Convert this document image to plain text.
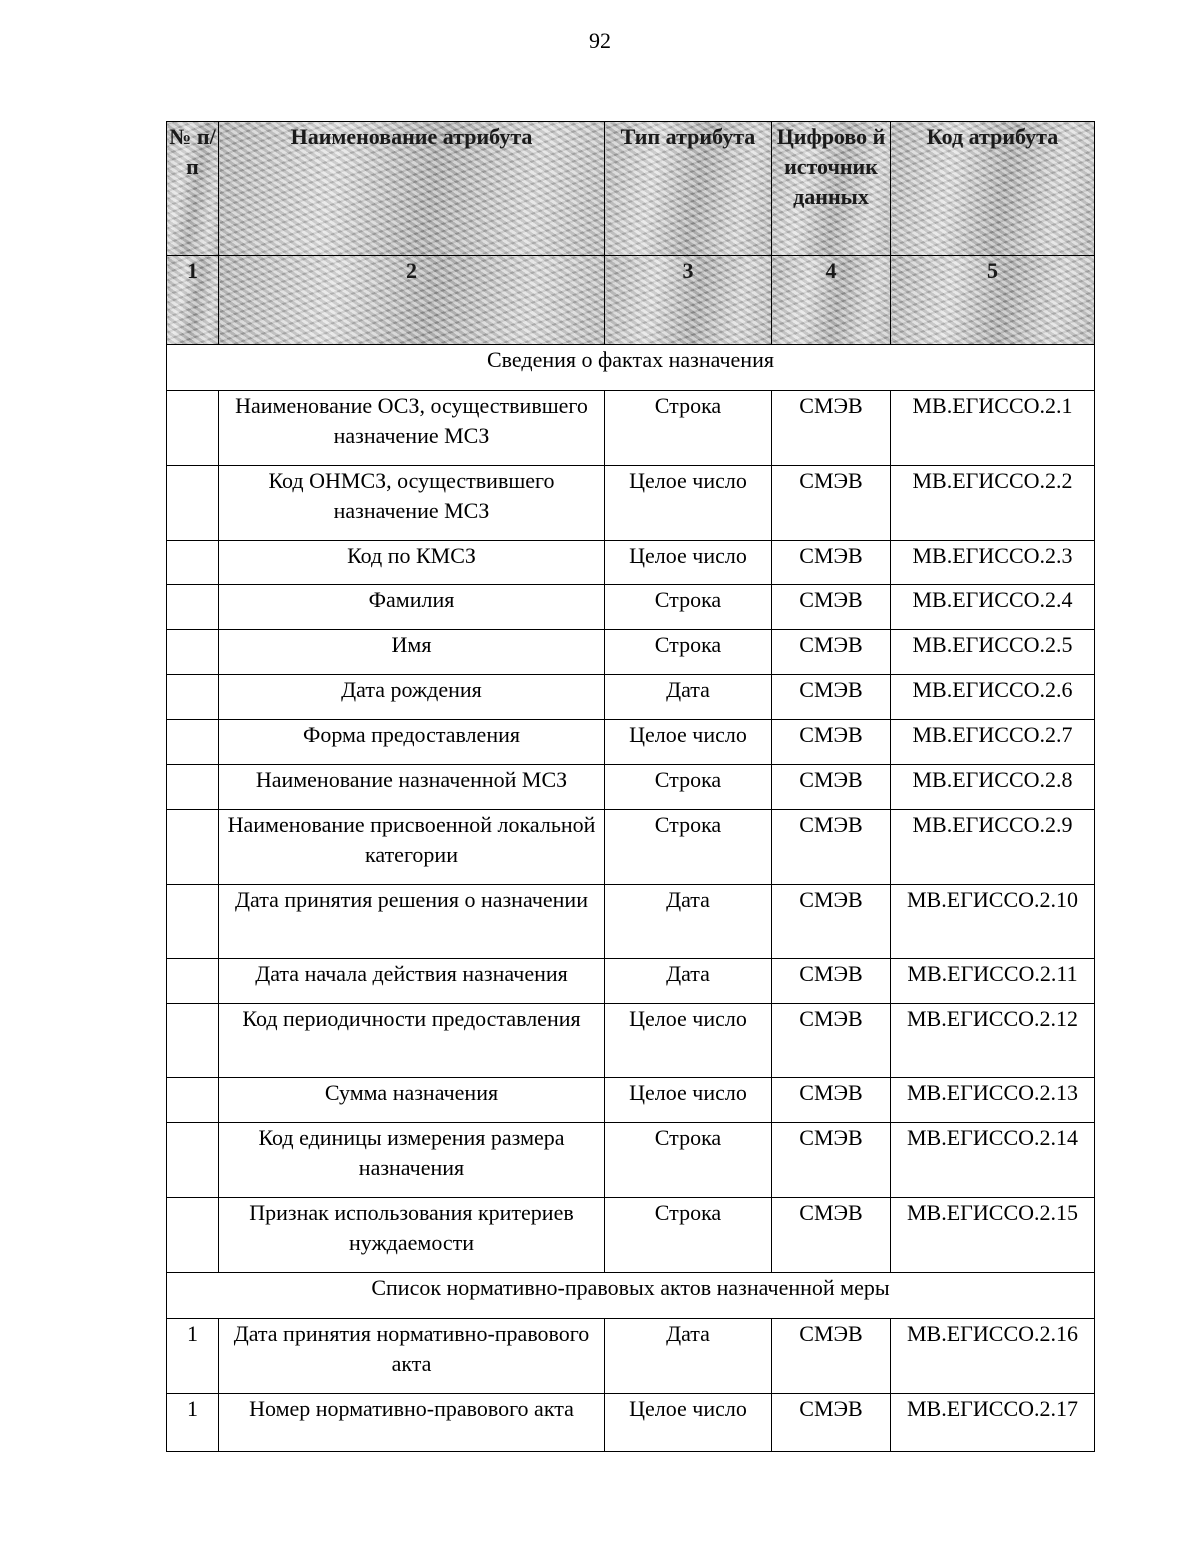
92
№ п/ п	Наименование атрибута	Тип атрибута	Цифрово й источник данных	Код атрибута
1	2	3	4	5
Сведения о фактах назначения				
	Наименование ОСЗ, осуществившего назначение МСЗ	Строка	СМЭВ	МВ.ЕГИССО.2.1
	Код ОНМСЗ, осуществившего назначение МСЗ	Целое число	СМЭВ	МВ.ЕГИССО.2.2
	Код по КМСЗ	Целое число	СМЭВ	МВ.ЕГИССО.2.3
	Фамилия	Строка	СМЭВ	МВ.ЕГИССО.2.4
	Имя	Строка	СМЭВ	МВ.ЕГИССО.2.5
	Дата рождения	Дата	СМЭВ	МВ.ЕГИССО.2.6
	Форма предоставления	Целое число	СМЭВ	МВ.ЕГИССО.2.7
	Наименование назначенной МСЗ	Строка	СМЭВ	МВ.ЕГИССО.2.8
	Наименование присвоенной локальной категории	Строка	СМЭВ	МВ.ЕГИССО.2.9
	Дата принятия решения о назначении	Дата	СМЭВ	МВ.ЕГИССО.2.10
	Дата начала действия назначения	Дата	СМЭВ	МВ.ЕГИССО.2.11
	Код периодичности предоставления	Целое число	СМЭВ	МВ.ЕГИССО.2.12
	Сумма назначения	Целое число	СМЭВ	МВ.ЕГИССО.2.13
	Код единицы измерения размера назначения	Строка	СМЭВ	МВ.ЕГИССО.2.14
	Признак использования критериев нуждаемости	Строка	СМЭВ	МВ.ЕГИССО.2.15
Список нормативно-правовых актов назначенной меры				
1	Дата принятия нормативно-правового акта	Дата	СМЭВ	МВ.ЕГИССО.2.16
1	Номер нормативно-правового акта	Целое число	СМЭВ	МВ.ЕГИССО.2.17
